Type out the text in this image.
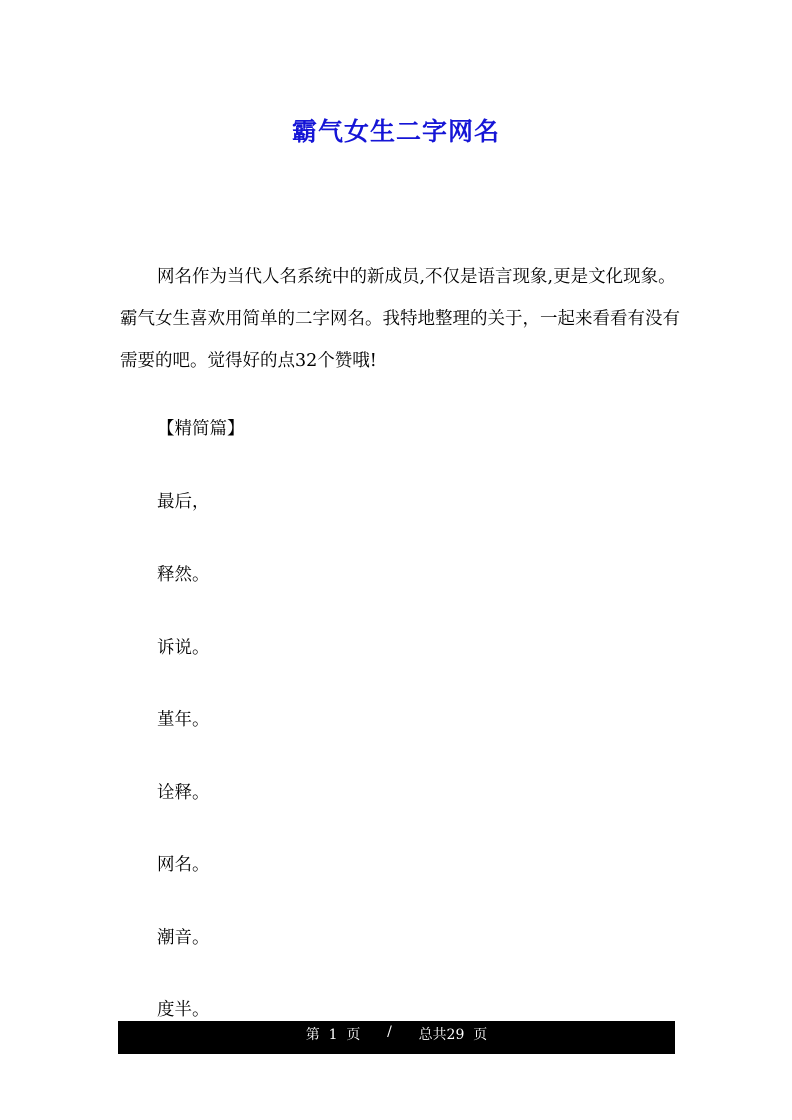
霸气女生二字网名

网名作为当代人名系统中的新成员,不仅是语言现象,更是文化现象。霸气女生喜欢用简单的二字网名。我特地整理的关于，一起来看看有没有需要的吧。觉得好的点32个赞哦!

【精简篇】

最后，

释然。

诉说。

堇年。

诠释。

网名。

潮音。

度半。

第  1  页
/
总共29  页
